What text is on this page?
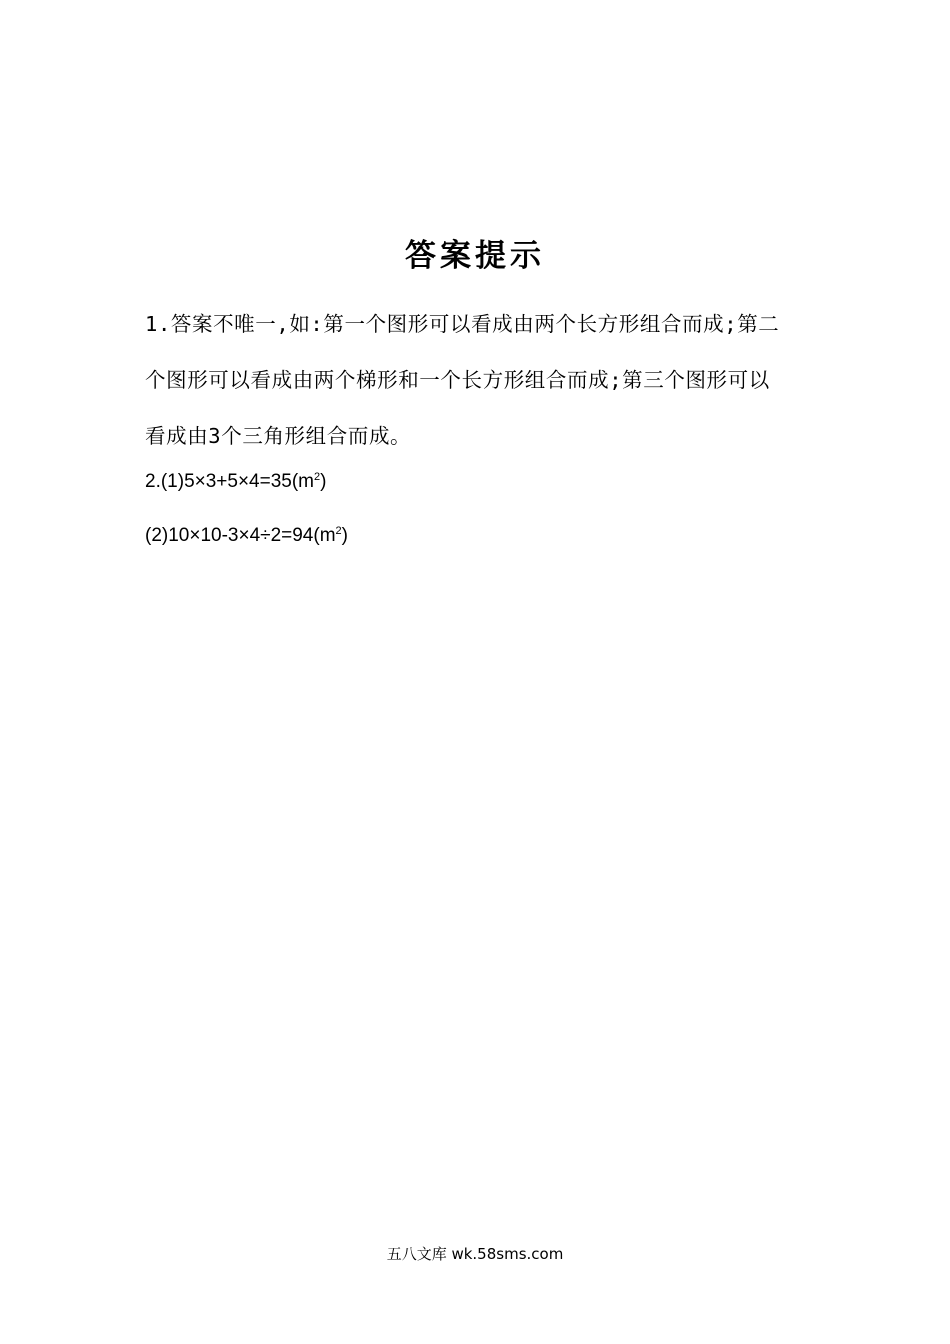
答案提示
1.答案不唯一,如:第一个图形可以看成由两个长方形组合而成;第二
个图形可以看成由两个梯形和一个长方形组合而成;第三个图形可以
看成由3个三角形组合而成。
$2.(1)5\times 3+5\times 4=35(m^2)$
$(2)10\times 10-3\times 4\div 2=94(m^2)$
五八文库 wk.58sms.com
